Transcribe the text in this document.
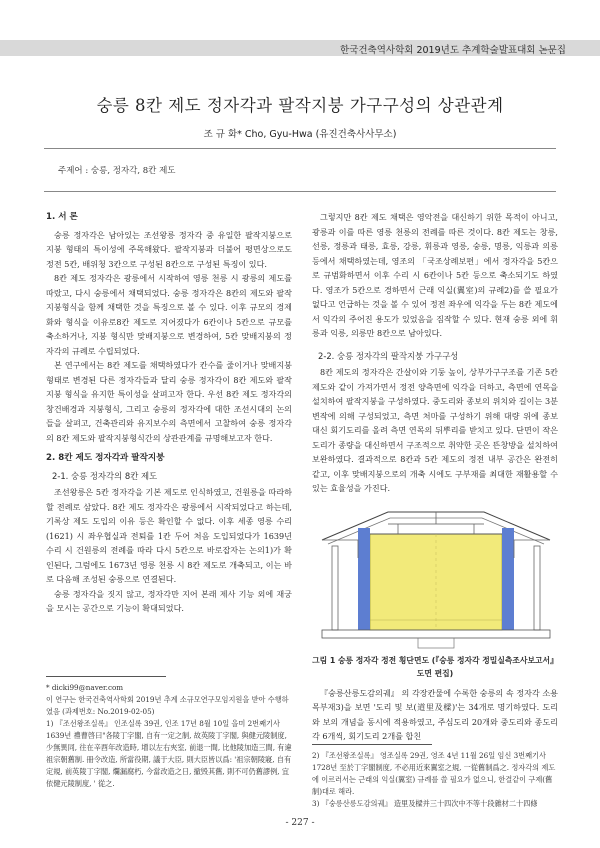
한국건축역사학회 2019년도 추계학술발표대회 논문집
숭릉 8칸 제도 정자각과 팔작지붕 가구구성의 상관관계
조 규 화* Cho, Gyu-Hwa (유진건축사사무소)
주제어 : 숭릉, 정자각, 8칸 제도

1. 서 론

숭릉 정자각은 남아있는 조선왕릉 정자각 중 유일한 팔작지붕으로 지붕 형태의 특이성에 주목해왔다. 팔작지붕과 더불어 평면상으로도 정전 5칸, 배위청 3칸으로 구성된 8칸으로 구성된 특징이 있다.

8칸 제도 정자각은 광릉에서 시작하여 영릉 천릉 시 광릉의 제도를 따랐고, 다시 숭릉에서 채택되었다. 숭릉 정자각은 8칸의 제도와 팔작지붕형식을 함께 채택한 것을 특징으로 볼 수 있다. 이후 규모의 경제화와 형식을 이유로8칸 제도로 지어졌다가 6칸이나 5칸으로 규모를 축소하거나, 지붕 형식만 맞배지붕으로 변경하여, 5칸 맞배지붕의 정자각의 규례로 수립되었다.

본 연구에서는 8칸 제도를 채택하였다가 칸수를 줄이거나 맞배지붕 형태로 변경된 다른 정자각들과 달리 숭릉 정자각이 8칸 제도와 팔작지붕 형식을 유지한 특이성을 살펴고자 한다. 우선 8칸 제도 정자각의 창건배경과 지붕형식, 그리고 숭릉의 정자각에 대한 조선시대의 논의들을 살펴고, 건축관리와 유지보수의 측면에서 고찰하여 숭릉 정자각의 8칸 제도와 팔작지붕형식간의 상관관계를 규명해보고자 한다.

2. 8칸 제도 정자각과 팔작지붕

2-1. 숭릉 정자각의 8칸 제도

조선왕릉은 5칸 정자각을 기본 제도로 인식하였고, 건원릉을 따라하 할 전례로 삼았다. 8칸 제도 정자각은 광릉에서 시작되었다고 하는데, 기록상 제도 도입의 이유 등은 확인할 수 없다. 이후 세종 영릉 수리(1621) 시 좌우협실과 전퇴를 1칸 두어 처음 도입되었다가 1639년 수리 시 건원릉의 전례를 따라 다시 5칸으로 바로잡자는 논의1)가 확인된다, 그럼에도 1673년 영릉 천릉 시 8칸 제도로 개축되고, 이는 바로 다음해 조성된 숭릉으로 연결된다.

숭릉 정자각을 짓지 않고, 정자각만 지어 본래 제사 기능 외에 재궁을 모시는 공간으로 기능이 확대되었다.

* dicki99@naver.com

이 연구는 한국건축역사학회 2019년 추계 소규모연구모임지원을 받아 수행하였음 (과제번호: No.2019-02-05)

1) 『조선왕조실록』 인조실록 39권, 인조 17년 8월 10일 을미 2번째기사 1639년 禮曹啓曰"各陵丁字閣, 自有一定之制, 故英陵丁字閣, 與健元陵制度, 少無異同, 往在辛酉年改造時, 增以左右夾室, 前退一間, 比他陵加造三間, 有違祖宗朝舊制. 冊令改造, 所當役期, 議于大臣, 則大臣皆以爲: '祖宗朝陵寢, 自有定規, 前英陵丁字閣, 爛漏腐朽, 今當改造之日, 撤毁其舊, 則不可仍舊謬例, 宜依健元陵制度, ' 從之.

그렇지만 8칸 제도 채택은 영악전을 대신하기 위한 목적이 아니고, 광릉과 이를 따른 영릉 천릉의 전례를 따른 것이다. 8칸 제도는 창릉, 선릉, 정릉과 태릉, 효릉, 강릉, 휘릉과 영릉, 숭릉, 명릉, 익릉과 의릉 등에서 채택하였는데, 영조의 「국조상례보편」에서 정자각을 5칸으로 규범화하면서 이후 수리 시 6칸이나 5칸 등으로 축소되기도 하였다. 영조가 5칸으로 경하면서 근래 익실(翼室)의 규례2)를 쓸 필요가 없다고 언급하는 것을 볼 수 있어 정전 좌우에 익각을 두는 8칸 제도에서 익각의 주어진 용도가 있었음을 짐작할 수 있다. 현재 숭릉 외에 휘릉과 익릉, 의릉만 8칸으로 남아있다.

2-2. 숭릉 정자각의 팔작지붕 가구구성

8칸 제도의 정자각은 간살이와 기둥 높이, 상부가구구조를 기존 5칸 제도와 같이 가져가면서 정전 양측면에 익각을 더하고, 측면에 연목을 설치하여 팔작지붕을 구성하였다. 중도리와 종보의 위치와 길이는 3분 변작에 의해 구성되었고, 측면 처마를 구성하기 위해 대량 위에 종보 대신 회기도리를 올려 측면 연목의 뒤뿌리를 받치고 있다. 단면이 작은 도리가 종량을 대신하면서 구조적으로 취약한 곳은 뜬창방을 설치하여 보완하였다. 결과적으로 8칸과 5칸 제도의 정전 내부 공간은 완전히 같고, 이후 맞배지붕으로의 개축 시에도 구부재를 최대한 재활용할 수 있는 효율성을 가진다.

그림 1 숭릉 정자각 정전 횡단면도 (『숭릉 정자각 정밀실측조사보고서』 도면 편집)

『숭릉산릉도감의궤』 의 각장칸물에 수록한 숭릉의 속 정자각 소용 목부재3)을 보면 '도리 및 보(道里及樑)'는 34개로 명기하였다. 도리와 보의 개념을 동시에 적용하였고, 주심도리 20개와 중도리와 종도리 각 6개씩, 회기도리 2개를 합친

2) 『조선왕조실록』 영조실록 29권, 영조 4년 11월 26일 임신 3번째기사 1728년 至於丁字閣制度, 不必用近來翼室之規, 一從舊制爲之. 정자각의 제도에 이르러서는 근래의 익실(翼室) 규례를 쓸 필요가 없으니, 한결같이 구제(舊制)대로 해라.

3) 『숭릉산릉도감의궤』 造里及樑并三十四次中不等十段雜材二十四條

- 227 -
